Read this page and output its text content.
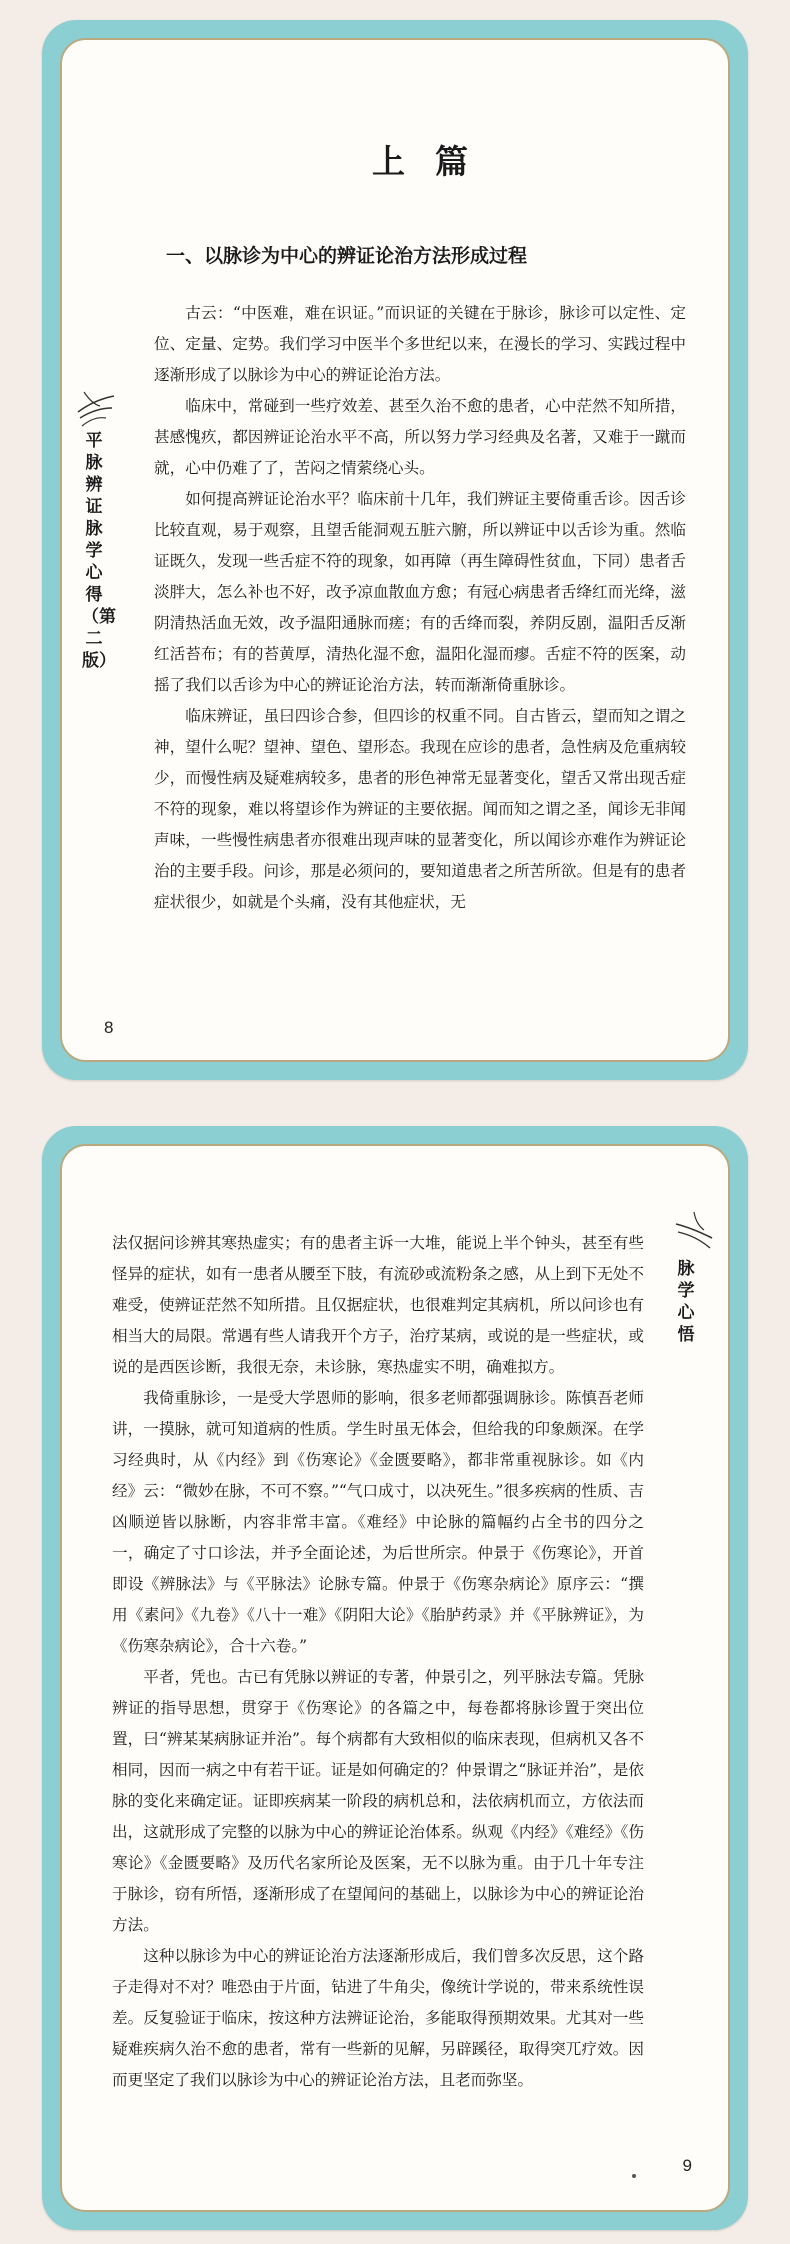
平脉辨证脉学心得（第二版）
上篇
一、以脉诊为中心的辨证论治方法形成过程

古云：“中医难，难在识证。”而识证的关键在于脉诊，脉诊可以定性、定位、定量、定势。我们学习中医半个多世纪以来，在漫长的学习、实践过程中逐渐形成了以脉诊为中心的辨证论治方法。

临床中，常碰到一些疗效差、甚至久治不愈的患者，心中茫然不知所措，甚感愧疚，都因辨证论治水平不高，所以努力学习经典及名著，又难于一蹴而就，心中仍难了了，苦闷之情萦绕心头。

如何提高辨证论治水平？临床前十几年，我们辨证主要倚重舌诊。因舌诊比较直观，易于观察，且望舌能洞观五脏六腑，所以辨证中以舌诊为重。然临证既久，发现一些舌症不符的现象，如再障（再生障碍性贫血，下同）患者舌淡胖大，怎么补也不好，改予凉血散血方愈；有冠心病患者舌绛红而光绛，滋阴清热活血无效，改予温阳通脉而瘥；有的舌绛而裂，养阴反剧，温阳舌反渐红活苔布；有的苔黄厚，清热化湿不愈，温阳化湿而瘳。舌症不符的医案，动摇了我们以舌诊为中心的辨证论治方法，转而渐渐倚重脉诊。

临床辨证，虽曰四诊合参，但四诊的权重不同。自古皆云，望而知之谓之神，望什么呢？望神、望色、望形态。我现在应诊的患者，急性病及危重病较少，而慢性病及疑难病较多，患者的形色神常无显著变化，望舌又常出现舌症不符的现象，难以将望诊作为辨证的主要依据。闻而知之谓之圣，闻诊无非闻声味，一些慢性病患者亦很难出现声味的显著变化，所以闻诊亦难作为辨证论治的主要手段。问诊，那是必须问的，要知道患者之所苦所欲。但是有的患者症状很少，如就是个头痛，没有其他症状，无

8
脉学心悟

法仅据问诊辨其寒热虚实；有的患者主诉一大堆，能说上半个钟头，甚至有些怪异的症状，如有一患者从腰至下肢，有流砂或流粉条之感，从上到下无处不难受，使辨证茫然不知所措。且仅据症状，也很难判定其病机，所以问诊也有相当大的局限。常遇有些人请我开个方子，治疗某病，或说的是一些症状，或说的是西医诊断，我很无奈，未诊脉，寒热虚实不明，确难拟方。

我倚重脉诊，一是受大学恩师的影响，很多老师都强调脉诊。陈慎吾老师讲，一摸脉，就可知道病的性质。学生时虽无体会，但给我的印象颇深。在学习经典时，从《内经》到《伤寒论》《金匮要略》，都非常重视脉诊。如《内经》云：“微妙在脉，不可不察。”“气口成寸，以决死生。”很多疾病的性质、吉凶顺逆皆以脉断，内容非常丰富。《难经》中论脉的篇幅约占全书的四分之一，确定了寸口诊法，并予全面论述，为后世所宗。仲景于《伤寒论》，开首即设《辨脉法》与《平脉法》论脉专篇。仲景于《伤寒杂病论》原序云：“撰用《素问》《九卷》《八十一难》《阴阳大论》《胎胪药录》并《平脉辨证》，为《伤寒杂病论》，合十六卷。”

平者，凭也。古已有凭脉以辨证的专著，仲景引之，列平脉法专篇。凭脉辨证的指导思想，贯穿于《伤寒论》的各篇之中，每卷都将脉诊置于突出位置，曰“辨某某病脉证并治”。每个病都有大致相似的临床表现，但病机又各不相同，因而一病之中有若干证。证是如何确定的？仲景谓之“脉证并治”，是依脉的变化来确定证。证即疾病某一阶段的病机总和，法依病机而立，方依法而出，这就形成了完整的以脉为中心的辨证论治体系。纵观《内经》《难经》《伤寒论》《金匮要略》及历代名家所论及医案，无不以脉为重。由于几十年专注于脉诊，窃有所悟，逐渐形成了在望闻问的基础上，以脉诊为中心的辨证论治方法。

这种以脉诊为中心的辨证论治方法逐渐形成后，我们曾多次反思，这个路子走得对不对？唯恐由于片面，钻进了牛角尖，像统计学说的，带来系统性误差。反复验证于临床，按这种方法辨证论治，多能取得预期效果。尤其对一些疑难疾病久治不愈的患者，常有一些新的见解，另辟蹊径，取得突兀疗效。因而更坚定了我们以脉诊为中心的辨证论治方法，且老而弥坚。

9
